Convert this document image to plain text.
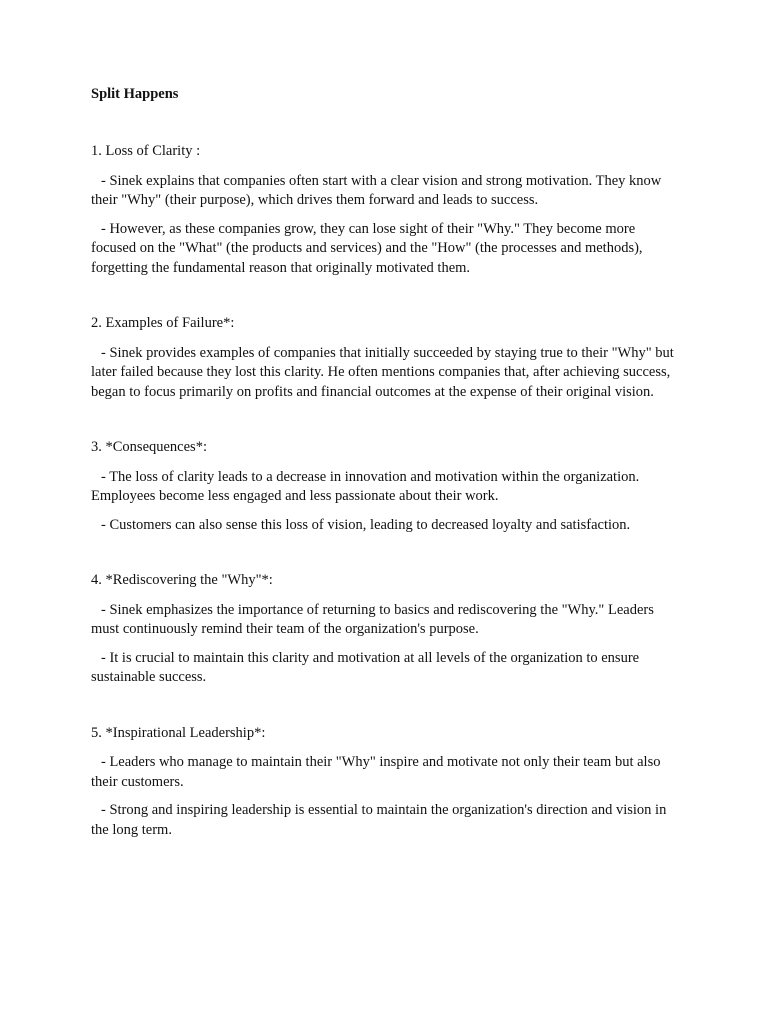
Split Happens
1. Loss of Clarity :

- Sinek explains that companies often start with a clear vision and strong motivation. They know their "Why" (their purpose), which drives them forward and leads to success.

- However, as these companies grow, they can lose sight of their "Why." They become more focused on the "What" (the products and services) and the "How" (the processes and methods), forgetting the fundamental reason that originally motivated them.

2. Examples of Failure*:

- Sinek provides examples of companies that initially succeeded by staying true to their "Why" but later failed because they lost this clarity. He often mentions companies that, after achieving success, began to focus primarily on profits and financial outcomes at the expense of their original vision.

3. *Consequences*:

- The loss of clarity leads to a decrease in innovation and motivation within the organization. Employees become less engaged and less passionate about their work.

- Customers can also sense this loss of vision, leading to decreased loyalty and satisfaction.

4. *Rediscovering the "Why"*:

- Sinek emphasizes the importance of returning to basics and rediscovering the "Why." Leaders must continuously remind their team of the organization's purpose.

- It is crucial to maintain this clarity and motivation at all levels of the organization to ensure sustainable success.

5. *Inspirational Leadership*:

- Leaders who manage to maintain their "Why" inspire and motivate not only their team but also their customers.

- Strong and inspiring leadership is essential to maintain the organization's direction and vision in the long term.
